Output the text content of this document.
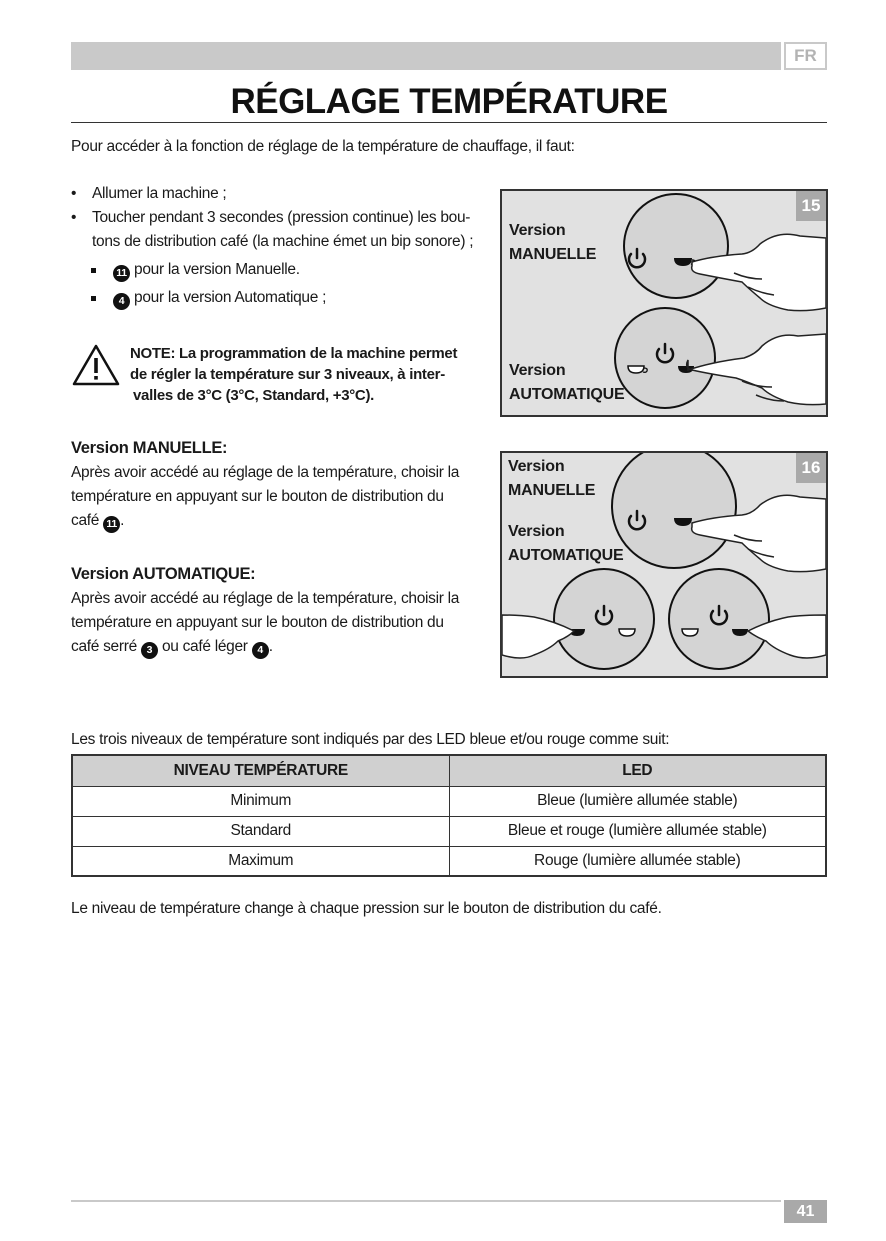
FR
RÉGLAGE TEMPÉRATURE
Pour accéder à la fonction de réglage de la température de chauffage, il faut:
• Allumer la machine ;
• Toucher pendant 3 secondes (pression continue) les bou-
tons de distribution café (la machine émet un bip sonore) ;
11 pour la version Manuelle.
4 pour la version Automatique ;
NOTE: La programmation de la machine permet
de régler la température sur 3 niveaux, à inter-
valles de 3°C (3°C, Standard, +3°C).
Version MANUELLE:
Après avoir accédé au réglage de la température, choisir la
température en appuyant sur le bouton de distribution du
café 11 .
Version AUTOMATIQUE:
Après avoir accédé au réglage de la température, choisir la
température en appuyant sur le bouton de distribution du
café serré 3 ou café léger 4 .
15
Version
MANUELLE
Version
AUTOMATIQUE
16
Version
MANUELLE
Version
AUTOMATIQUE
Les trois niveaux de température sont indiqués par des LED bleue et/ou rouge comme suit:
NIVEAU TEMPÉRATURE	LED
Minimum	Bleue (lumière allumée stable)
Standard	Bleue et rouge (lumière allumée stable)
Maximum	Rouge (lumière allumée stable)
Le niveau de température change à chaque pression sur le bouton de distribution du café.
41
